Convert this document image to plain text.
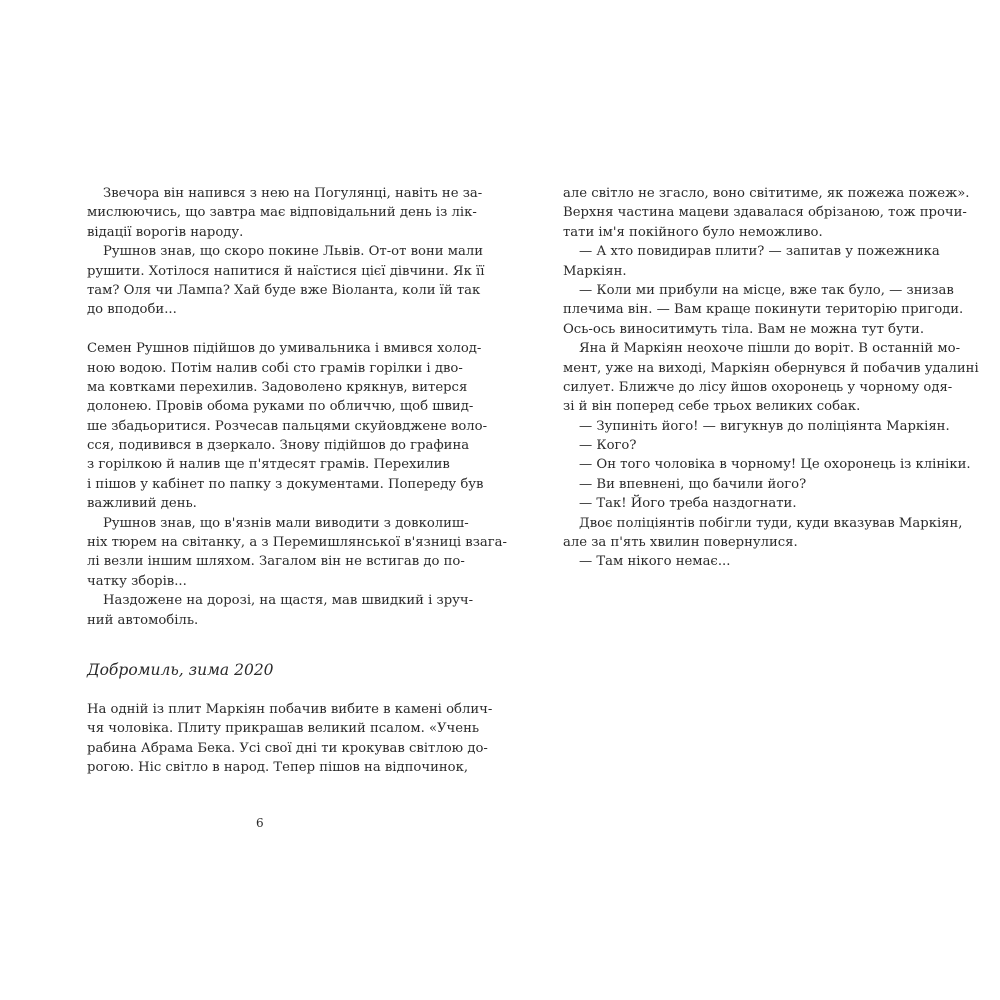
Звечора він напився з нею на Погулянці, навіть не за-
мислюючись, що завтра має відповідальний день із лік-
відації ворогів народу.
Рушнов знав, що скоро покине Львів. От-от вони мали
рушити. Хотілося напитися й наїстися цієї дівчини. Як її
там? Оля чи Лампа? Хай буде вже Віоланта, коли їй так
до вподоби...
Семен Рушнов підійшов до умивальника і вмився холод-
ною водою. Потім налив собі сто грамів горілки і дво-
ма ковтками перехилив. Задоволено крякнув, витерся
долонею. Провів обома руками по обличчю, щоб швид-
ше збадьоритися. Розчесав пальцями скуйовджене воло-
сся, подивився в дзеркало. Знову підійшов до графина
з горілкою й налив ще п'ятдесят грамів. Перехилив
і пішов у кабінет по папку з документами. Попереду був
важливий день.
Рушнов знав, що в'язнів мали виводити з довколиш-
ніх тюрем на світанку, а з Перемишлянської в'язниці взага-
лі везли іншим шляхом. Загалом він не встигав до по-
чатку зборів...
Наздожене на дорозі, на щастя, мав швидкий і зруч-
ний автомобіль.
Добромиль, зима 2020
На одній із плит Маркіян побачив вибите в камені облич-
чя чоловіка. Плиту прикрашав великий псалом. «Учень
рабина Абрама Бека. Усі свої дні ти крокував світлою до-
рогою. Ніс світло в народ. Тепер пішов на відпочинок,
6
але світло не згасло, воно світитиме, як пожежа пожеж».
Верхня частина мацеви здавалася обрізаною, тож прочи-
тати ім'я покійного було неможливо.
— А хто повидирав плити? — запитав у пожежника
Маркіян.
— Коли ми прибули на місце, вже так було, — знизав
плечима він. — Вам краще покинути територію пригоди.
Ось-ось виноситимуть тіла. Вам не можна тут бути.
Яна й Маркіян неохоче пішли до воріт. В останній мо-
мент, уже на виході, Маркіян обернувся й побачив удалині
силует. Ближче до лісу йшов охоронець у чорному одя-
зі й він поперед себе трьох великих собак.
— Зупиніть його! — вигукнув до поліціянта Маркіян.
— Кого?
— Он того чоловіка в чорному! Це охоронець із клініки.
— Ви впевнені, що бачили його?
— Так! Його треба наздогнати.
Двоє поліціянтів побігли туди, куди вказував Маркіян,
але за п'ять хвилин повернулися.
— Там нікого немає...
